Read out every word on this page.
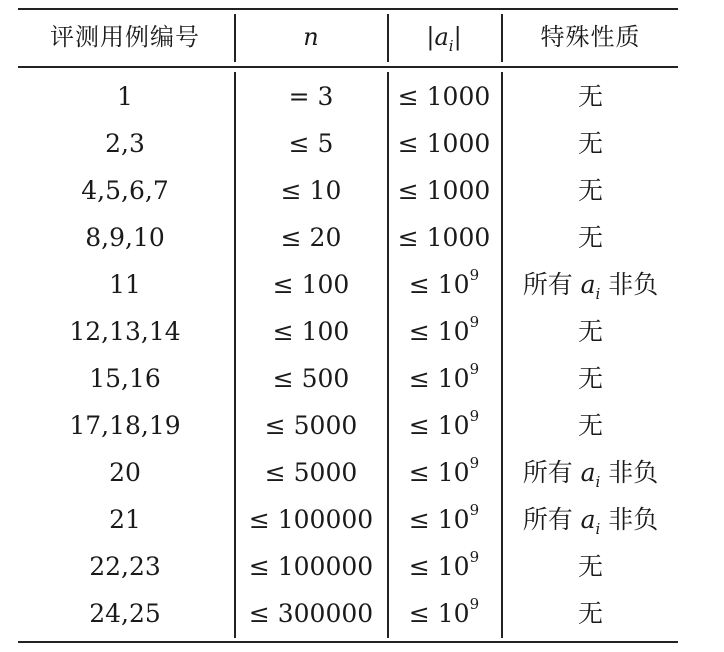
评测用例编号	n	$|a_i|$	特殊性质
1	= 3	≤ 1000	无
2,3	≤ 5	≤ 1000	无
4,5,6,7	≤ 10	≤ 1000	无
8,9,10	≤ 20	≤ 1000	无
11	≤ 100	≤ $10^9$	所有 $a_i$ 非负
12,13,14	≤ 100	≤ $10^9$	无
15,16	≤ 500	≤ $10^9$	无
17,18,19	≤ 5000	≤ $10^9$	无
20	≤ 5000	≤ $10^9$	所有 $a_i$ 非负
21	≤ 100000	≤ $10^9$	所有 $a_i$ 非负
22,23	≤ 100000	≤ $10^9$	无
24,25	≤ 300000	≤ $10^9$	无
